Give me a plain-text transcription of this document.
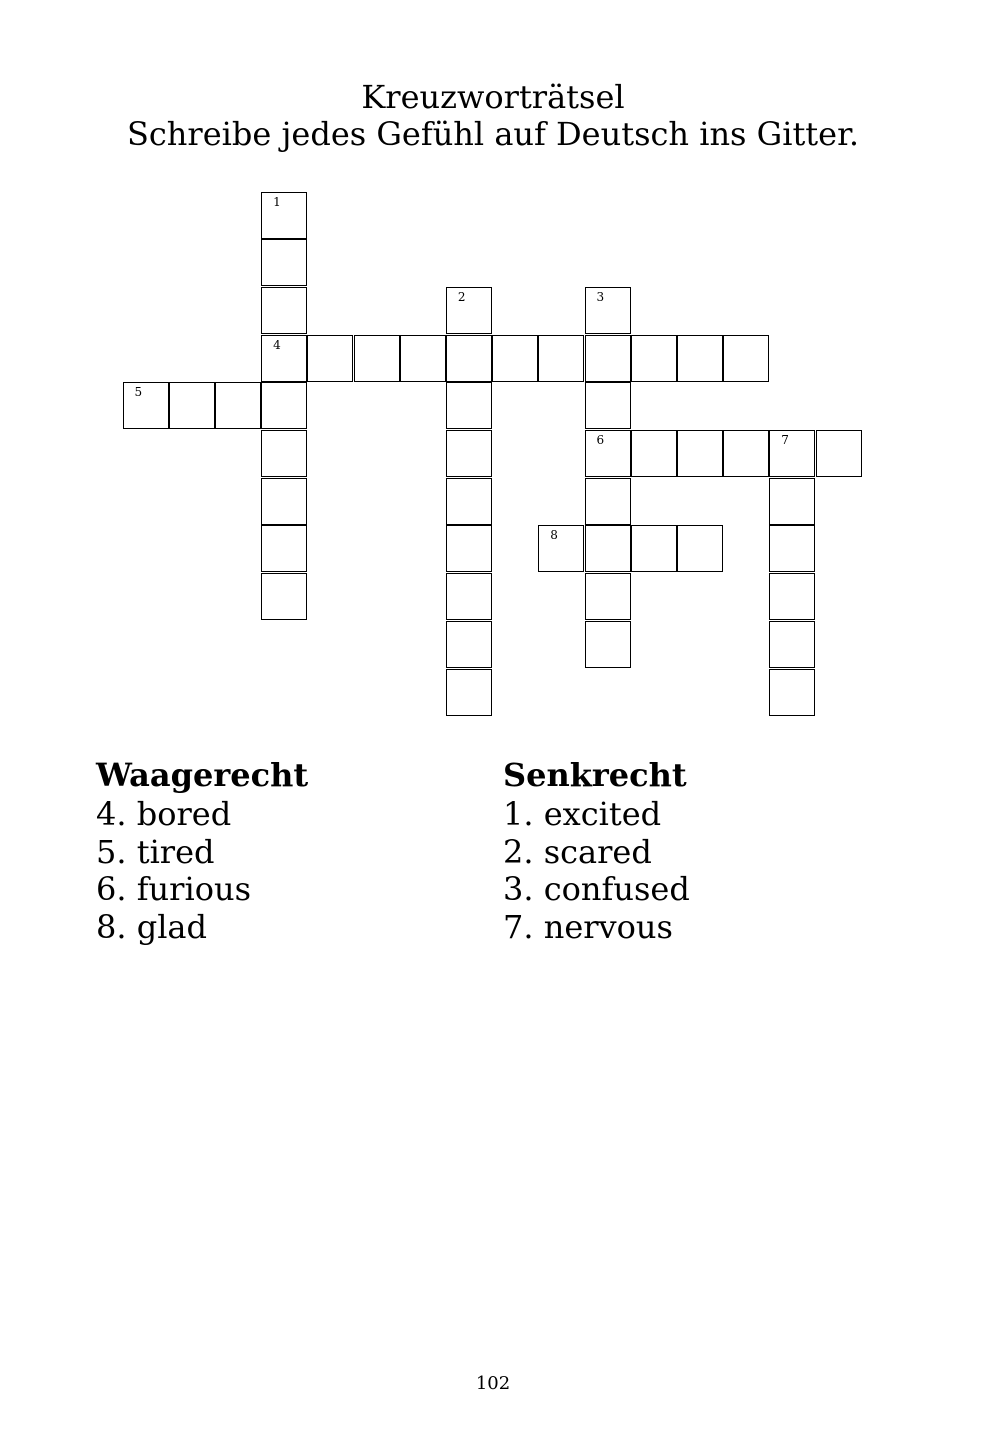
Kreuzworträtsel
Schreibe jedes Gefühl auf Deutsch ins Gitter.
1
4
2	3
6
5
7
8
Waagerecht
4. bored
5. tired
6. furious
8. glad
Senkrecht
1. excited
2. scared
3. confused
7. nervous
102
